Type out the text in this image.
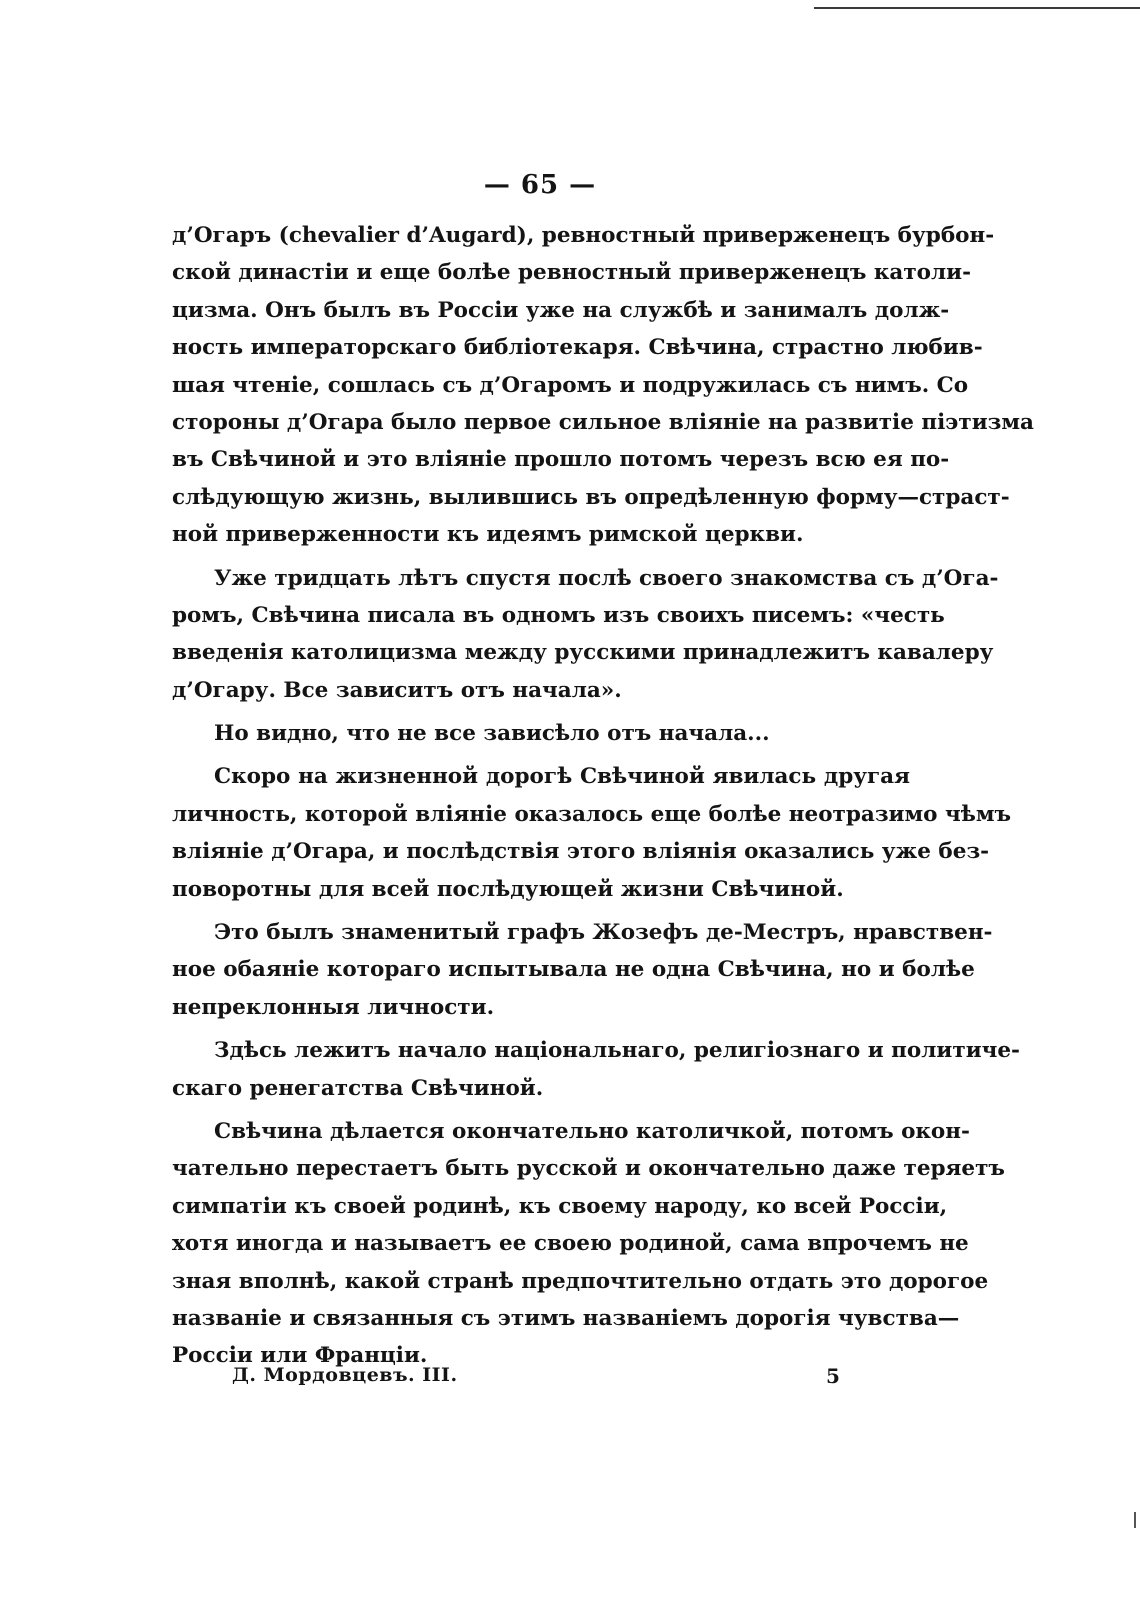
— 65 —
д’Огаръ (chevalier d’Augard), ревностный приверженецъ бурбон-
ской династіи и еще болѣе ревностный приверженецъ католи-
цизма. Онъ былъ въ Россіи уже на службѣ и занималъ долж-
ность императорскаго библіотекаря. Свѣчина, страстно любив-
шая чтеніе, сошлась съ д’Огаромъ и подружилась съ нимъ. Со
стороны д’Огара было первое сильное вліяніе на развитіе піэтизма
въ Свѣчиной и это вліяніе прошло потомъ черезъ всю ея по-
слѣдующую жизнь, вылившись въ опредѣленную форму—страст-
ной приверженности къ идеямъ римской церкви.
Уже тридцать лѣтъ спустя послѣ своего знакомства съ д’Ога-
ромъ, Свѣчина писала въ одномъ изъ своихъ писемъ: «честь
введенія католицизма между русскими принадлежитъ кавалеру
д’Огару. Все зависитъ отъ начала».
Но видно, что не все зависѣло отъ начала...
Скоро на жизненной дорогѣ Свѣчиной явилась другая
личность, которой вліяніе оказалось еще болѣе неотразимо чѣмъ
вліяніе д’Огара, и послѣдствія этого вліянія оказались уже без-
поворотны для всей послѣдующей жизни Свѣчиной.
Это былъ знаменитый графъ Жозефъ де-Местръ, нравствен-
ное обаяніе котораго испытывала не одна Свѣчина, но и болѣе
непреклонныя личности.
Здѣсь лежитъ начало національнаго, религіознаго и политиче-
скаго ренегатства Свѣчиной.
Свѣчина дѣлается окончательно католичкой, потомъ окон-
чательно перестаетъ быть русской и окончательно даже теряетъ
симпатіи къ своей родинѣ, къ своему народу, ко всей Россіи,
хотя иногда и называетъ ее своею родиной, сама впрочемъ не
зная вполнѣ, какой странѣ предпочтительно отдать это дорогое
названіе и связанныя съ этимъ названіемъ дорогія чувства—
Россіи или Франціи.
Д. Мордовцевъ. III.	5
